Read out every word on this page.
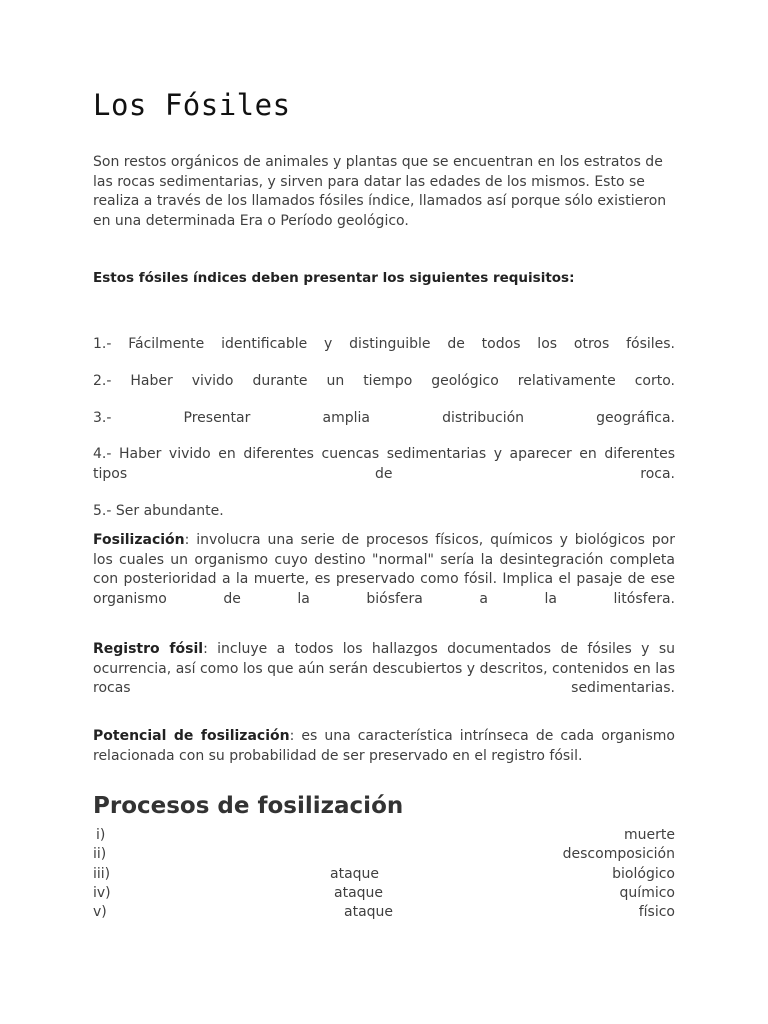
Los Fósiles

Son restos orgánicos de animales y plantas que se encuentran en los estratos de las rocas sedimentarias, y sirven para datar las edades de los mismos. Esto se realiza a través de los llamados fósiles índice, llamados así porque sólo existieron en una determinada Era o Período geológico.

Estos fósiles índices deben presentar los siguientes requisitos:

1.- Fácilmente identificable y distinguible de todos los otros fósiles.

2.- Haber vivido durante un tiempo geológico relativamente corto.

3.- Presentar amplia distribución geográfica.

4.- Haber vivido en diferentes cuencas sedimentarias y aparecer en diferentes tipos de roca.

5.- Ser abundante.

Fosilización: involucra una serie de procesos físicos, químicos y biológicos por los cuales un organismo cuyo destino "normal" sería la desintegración completa con posterioridad a la muerte, es preservado como fósil. Implica el pasaje de ese organismo de la biósfera a la litósfera.

Registro fósil: incluye a todos los hallazgos documentados de fósiles y su ocurrencia, así como los que aún serán descubiertos y descritos, contenidos en las rocas sedimentarias.

Potencial de fosilización: es una característica intrínseca de cada organismo relacionada con su probabilidad de ser preservado en el registro fósil.

Procesos de fosilización
i)	muerte
ii)	descomposición
iii)	ataque	biológico
iv)	ataque	químico
v)	ataque	físico
